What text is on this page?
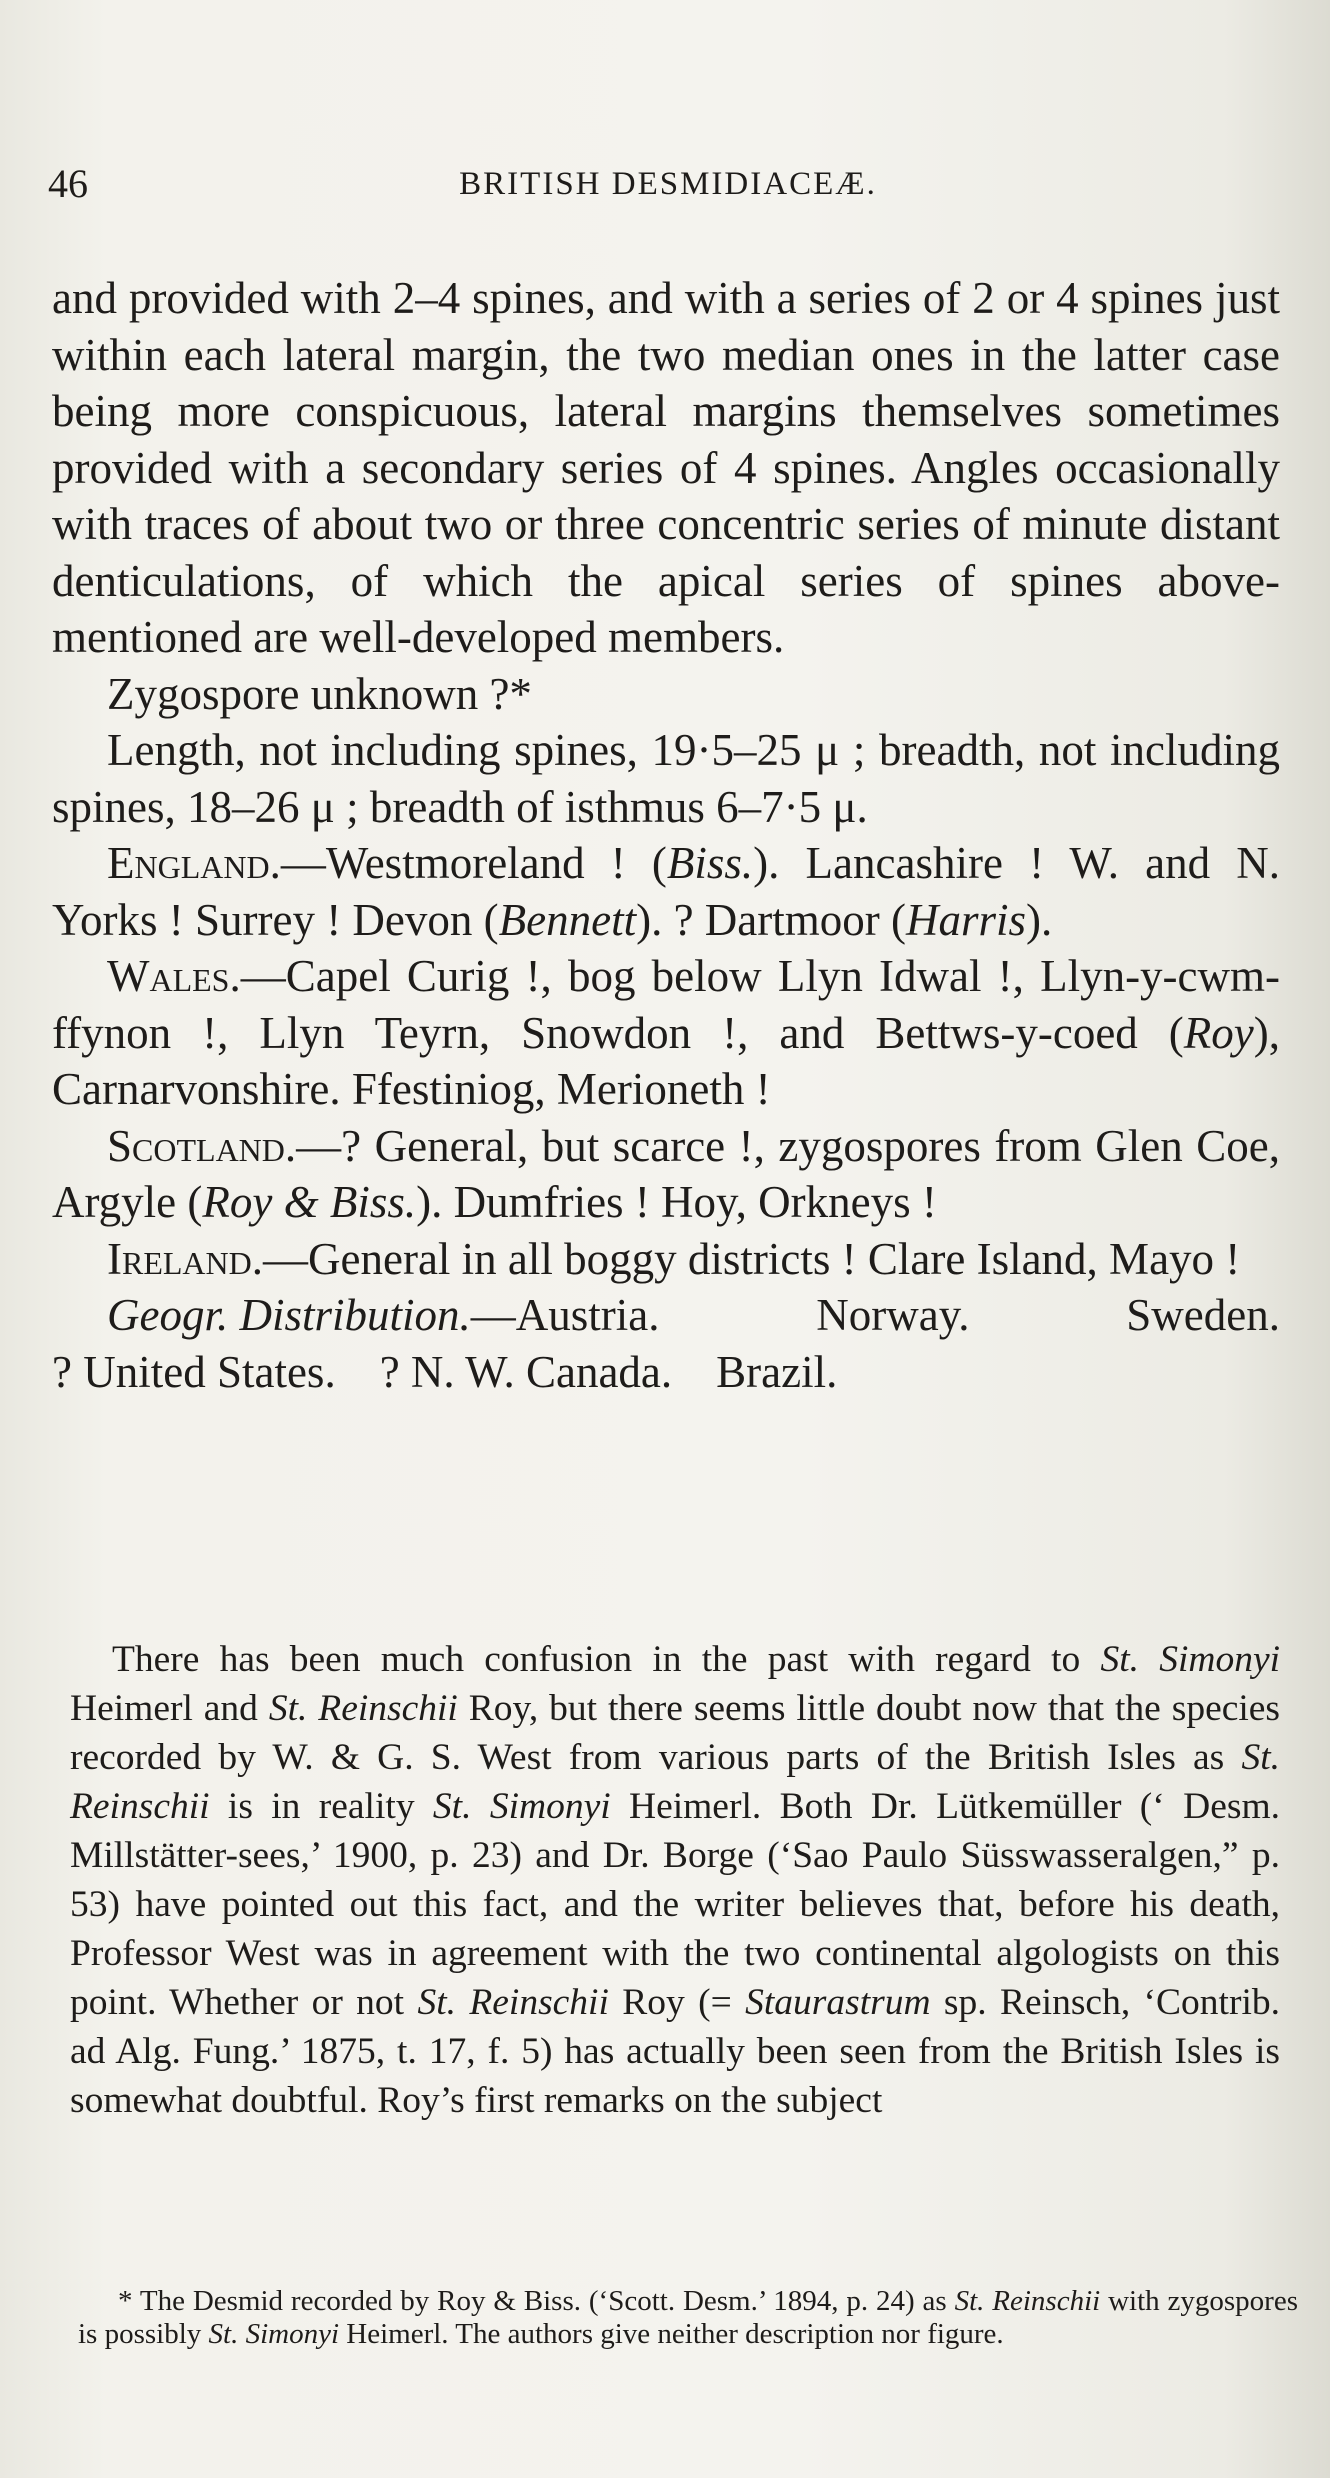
46	BRITISH DESMIDIACEÆ.

and provided with 2–4 spines, and with a series of 2 or 4 spines just within each lateral margin, the two median ones in the latter case being more conspicuous, lateral margins themselves sometimes provided with a secondary series of 4 spines. Angles occasionally with traces of about two or three concentric series of minute distant denticulations, of which the apical series of spines above-mentioned are well-developed members.

Zygospore unknown ?*

Length, not including spines, 19·5–25 μ ; breadth, not including spines, 18–26 μ ; breadth of isthmus 6–7·5 μ.

England.—Westmoreland ! (Biss.). Lancashire ! W. and N. Yorks ! Surrey ! Devon (Bennett). ? Dartmoor (Harris).

Wales.—Capel Curig !, bog below Llyn Idwal !, Llyn-y-cwm-ffynon !, Llyn Teyrn, Snowdon !, and Bettws-y-coed (Roy), Carnarvonshire. Ffestiniog, Merioneth !

Scotland.—? General, but scarce !, zygospores from Glen Coe, Argyle (Roy & Biss.). Dumfries ! Hoy, Orkneys !

Ireland.—General in all boggy districts ! Clare Island, Mayo !

Geogr. Distribution.—Austria.	Norway.	Sweden.
? United States. ? N. W. Canada. Brazil.

There has been much confusion in the past with regard to St. Simonyi Heimerl and St. Reinschii Roy, but there seems little doubt now that the species recorded by W. & G. S. West from various parts of the British Isles as St. Reinschii is in reality St. Simonyi Heimerl. Both Dr. Lütkemüller (‘ Desm. Millstätter-sees,’ 1900, p. 23) and Dr. Borge (‘Sao Paulo Süsswasseralgen,” p. 53) have pointed out this fact, and the writer believes that, before his death, Professor West was in agreement with the two continental algologists on this point. Whether or not St. Reinschii Roy (= Staurastrum sp. Reinsch, ‘Contrib. ad Alg. Fung.’ 1875, t. 17, f. 5) has actually been seen from the British Isles is somewhat doubtful. Roy’s first remarks on the subject

* The Desmid recorded by Roy & Biss. (‘Scott. Desm.’ 1894, p. 24) as St. Reinschii with zygospores is possibly St. Simonyi Heimerl. The authors give neither description nor figure.
